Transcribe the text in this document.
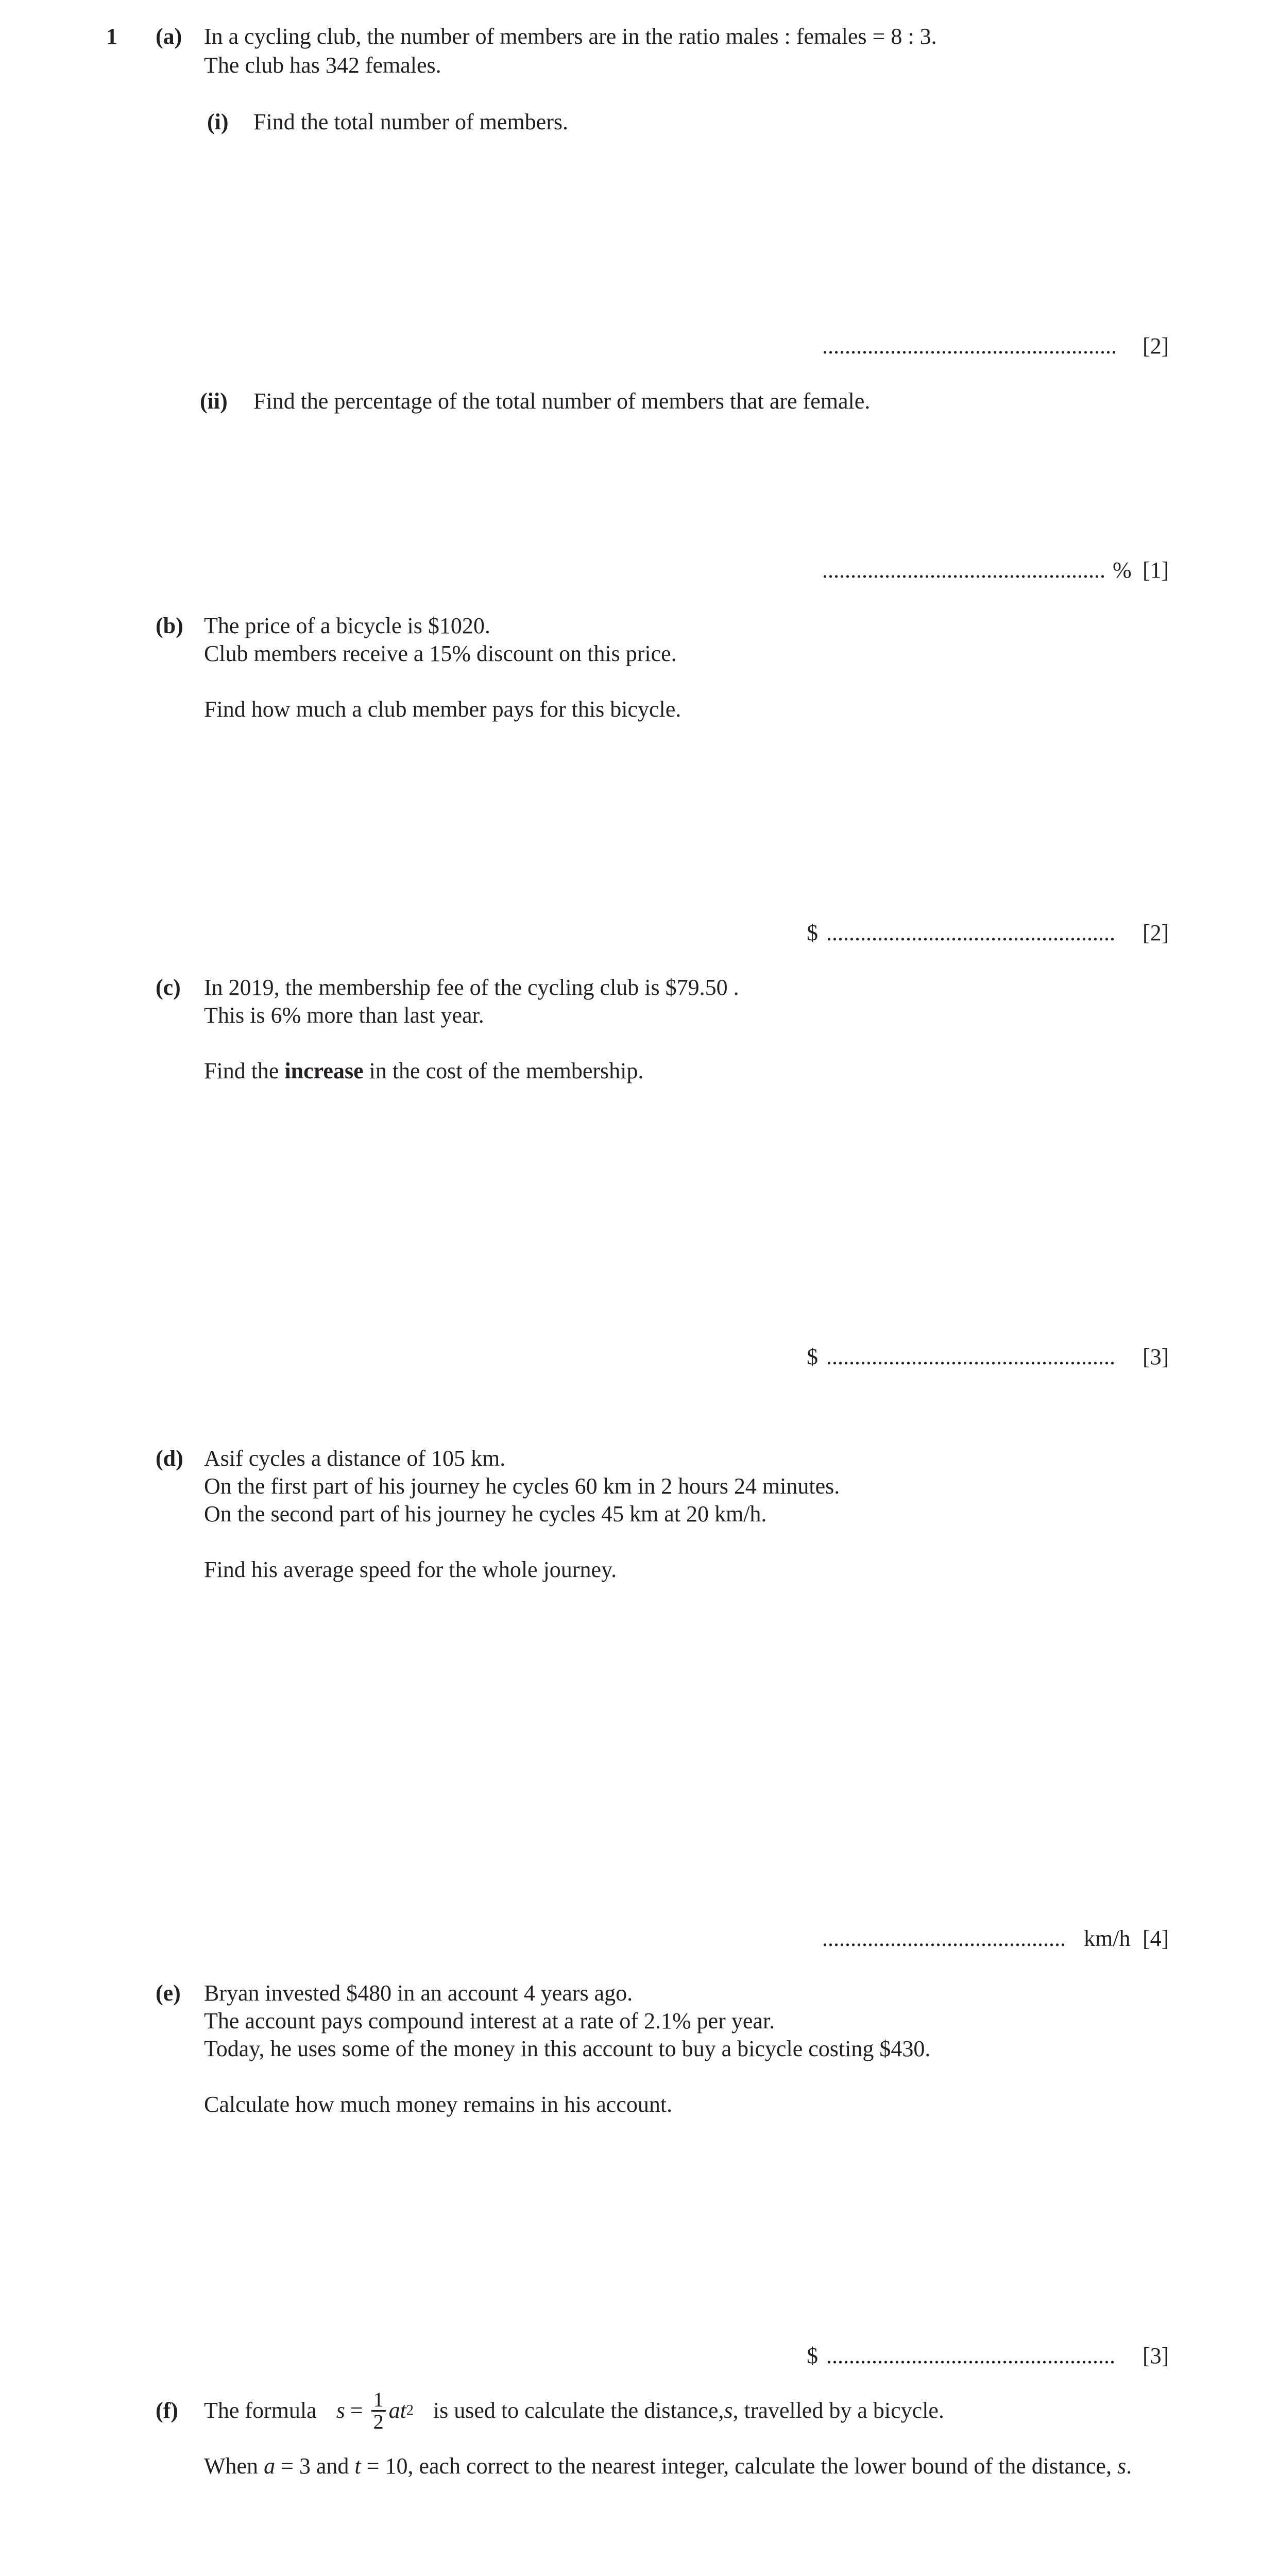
1 (a) In a cycling club, the number of members are in the ratio males : females = 8 : 3.
The club has 342 females.
(i) Find the total number of members.
.................................................... [2]
(ii) Find the percentage of the total number of members that are female.
.................................................. % [1]
(b) The price of a bicycle is $1020.
Club members receive a 15% discount on this price.
Find how much a club member pays for this bicycle.
$ ................................................... [2]
(c) In 2019, the membership fee of the cycling club is $79.50 .
This is 6% more than last year.
Find the increase in the cost of the membership.
$ ................................................... [3]
(d) Asif cycles a distance of 105 km.
On the first part of his journey he cycles 60 km in 2 hours 24 minutes.
On the second part of his journey he cycles 45 km at 20 km/h.
Find his average speed for the whole journey.
........................................... km/h [4]
(e) Bryan invested $480 in an account 4 years ago.
The account pays compound interest at a rate of 2.1% per year.
Today, he uses some of the money in this account to buy a bicycle costing $430.
Calculate how much money remains in his account.
$ ................................................... [3]
(f) The formula $s = \frac{1}{2}$ at 2 is used to calculate the distance, s , travelled by a bicycle.
When a = 3 and t = 10, each correct to the nearest integer, calculate the lower bound of the distance, s.
